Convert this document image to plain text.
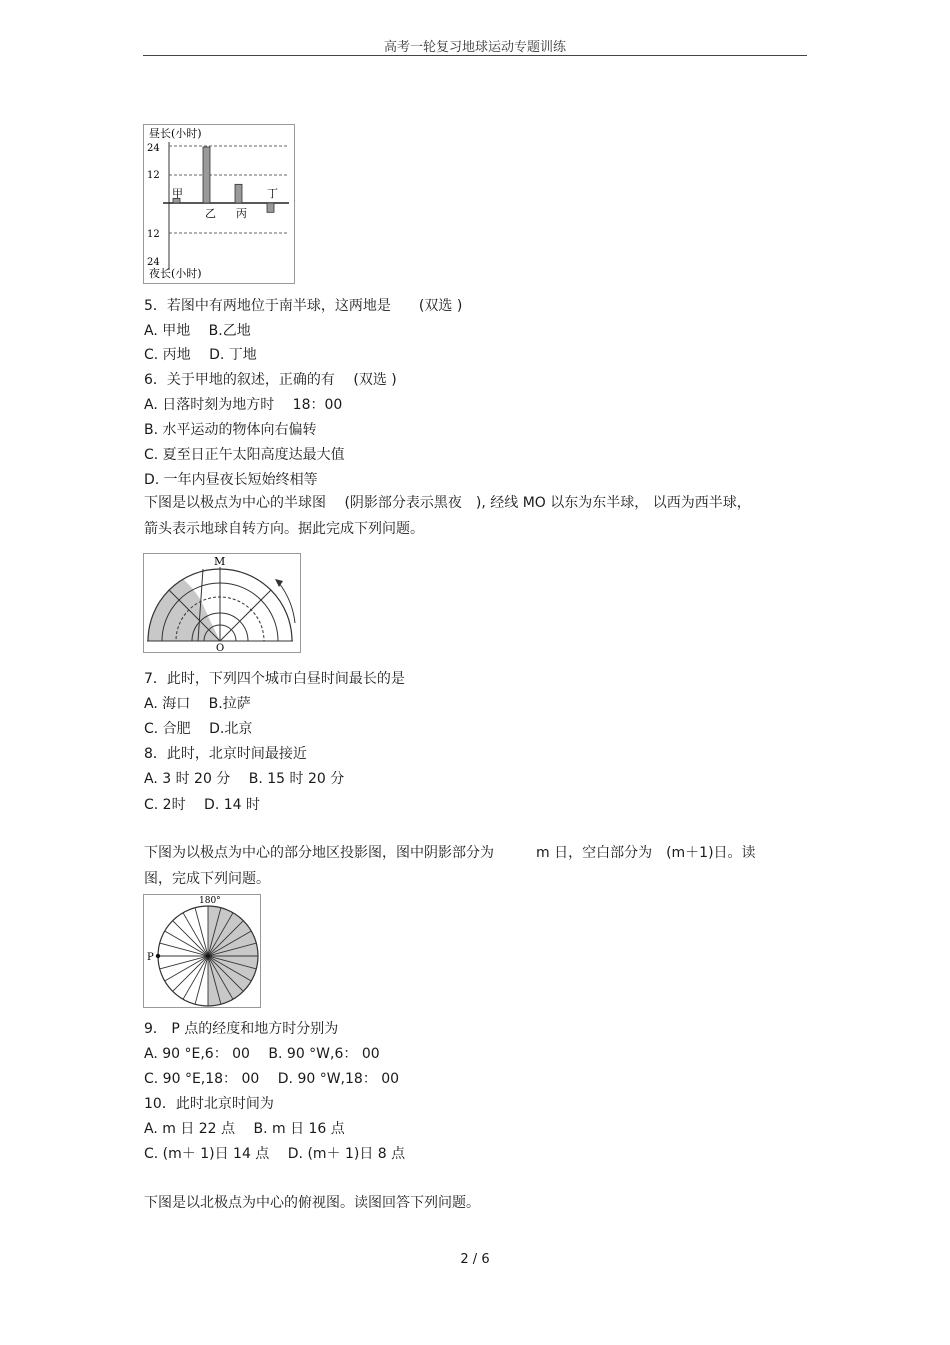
高考一轮复习地球运动专题训练
昼长(小时)
夜长(小时)
24
12
12
24
甲
乙 丙
丁
5．若图中有两地位于南半球，这两地是　　(双选 )
A. 甲地　 B.乙地
C. 丙地　 D. 丁地
6．关于甲地的叙述，正确的有　 (双选 )
A. 日落时刻为地方时　 18：00
B. 水平运动的物体向右偏转
C. 夏至日正午太阳高度达最大值
D. 一年内昼夜长短始终相等
下图是以极点为中心的半球图　 (阴影部分表示黑夜　), 经线 MO 以东为东半球， 以西为西半球，
箭头表示地球自转方向。据此完成下列问题。
M
O
7．此时，下列四个城市白昼时间最长的是
A. 海口　 B.拉萨
C. 合肥　 D.北京
8．此时，北京时间最接近
A. 3 时 20 分　 B. 15 时 20 分
C. 2时　 D. 14 时
下图为以极点为中心的部分地区投影图，图中阴影部分为　　　m 日，空白部分为　(m＋1)日。读
图，完成下列问题。
180°
P
9． P 点的经度和地方时分别为
A. 90 °E,6： 00　 B. 90 °W,6： 00
C. 90 °E,18： 00　 D. 90 °W,18： 00
10．此时北京时间为
A. m 日 22 点　 B. m 日 16 点
C. (m＋ 1)日 14 点　 D. (m＋ 1)日 8 点
下图是以北极点为中心的俯视图。读图回答下列问题。
2 / 6
